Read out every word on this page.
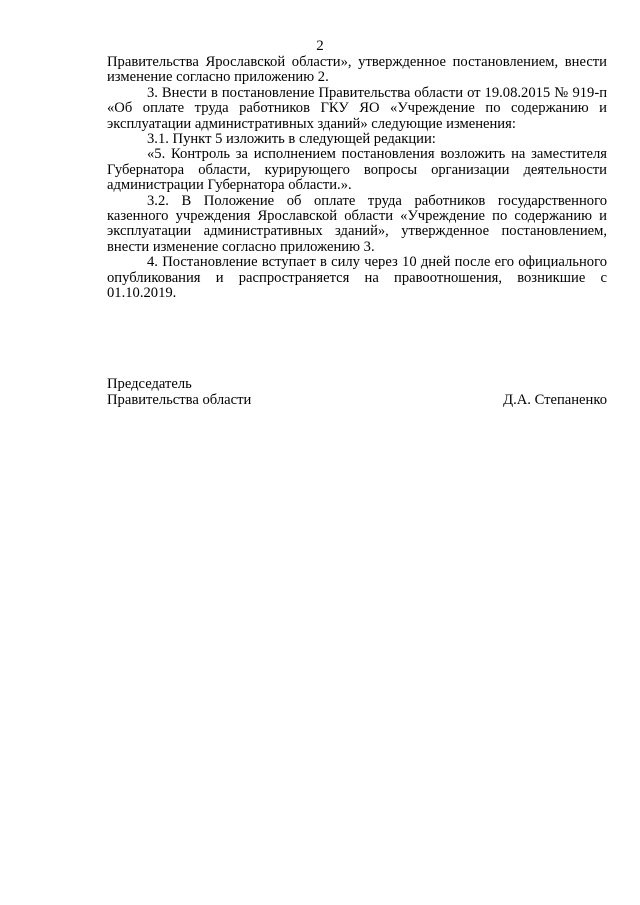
2

Правительства Ярославской области», утвержденное постановлением, внести изменение согласно приложению 2.

3. Внести в постановление Правительства области от 19.08.2015 № 919-п «Об оплате труда работников ГКУ ЯО «Учреждение по содержанию и эксплуатации административных зданий» следующие изменения:

3.1. Пункт 5 изложить в следующей редакции:

«5. Контроль за исполнением постановления возложить на заместителя Губернатора области, курирующего вопросы организации деятельности администрации Губернатора области.».

3.2. В Положение об оплате труда работников государственного казенного учреждения Ярославской области «Учреждение по содержанию и эксплуатации административных зданий», утвержденное постановлением, внести изменение согласно приложению 3.

4. Постановление вступает в силу через 10 дней после его официального опубликования и распространяется на правоотношения, возникшие с 01.10.2019.

Председатель
Правительства области	Д.А. Степаненко
